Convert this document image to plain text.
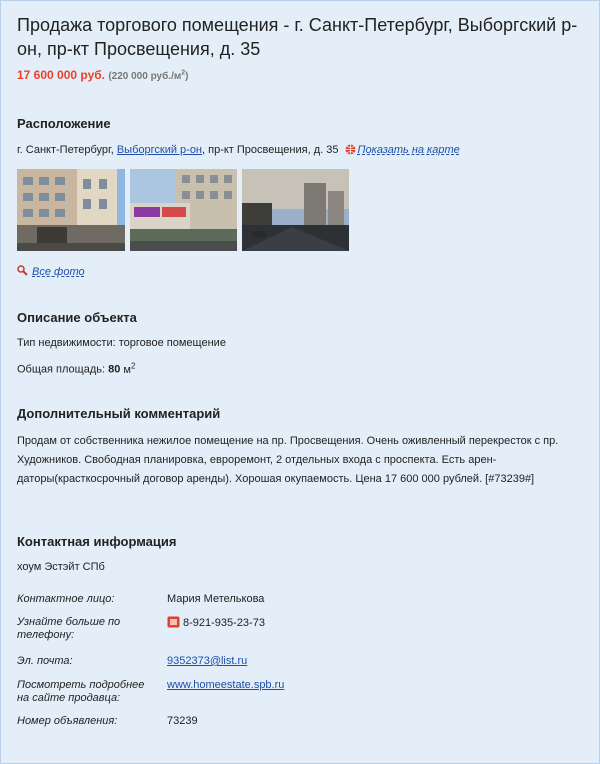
Продажа торгового помещения - г. Санкт-Петербург, Выборгский р-он, пр-кт Просвещения, д. 35
17 600 000 руб. (220 000 $руб./м^2$)
Расположение
г. Санкт-Петербург, Выборгский р-он, пр-кт Просвещения, д. 35 Показать на карте
Все фото
Описание объекта
Тип недвижимости: торговое помещение
Общая площадь: 80 $м^2$
Дополнительный комментарий
Продам от собственника нежилое помещение на пр. Просвещения. Очень оживленный перекресток с пр. Художников. Свободная планировка, евроремонт, 2 отдельных входа с проспекта. Есть арен-даторы(красткосрочный договор аренды). Хорошая окупаемость. Цена 17 600 000 рублей. [#73239#]
Контактная информация
хоум Эстэйт СПб
Контактное лицо:	Мария Метелькова
Узнайте больше по телефону:
8-921-935-23-73
Эл. почта:	9352373@list.ru
Посмотреть подробнее на сайте продавца:
www.homeestate.spb.ru
Номер объявления:	73239
